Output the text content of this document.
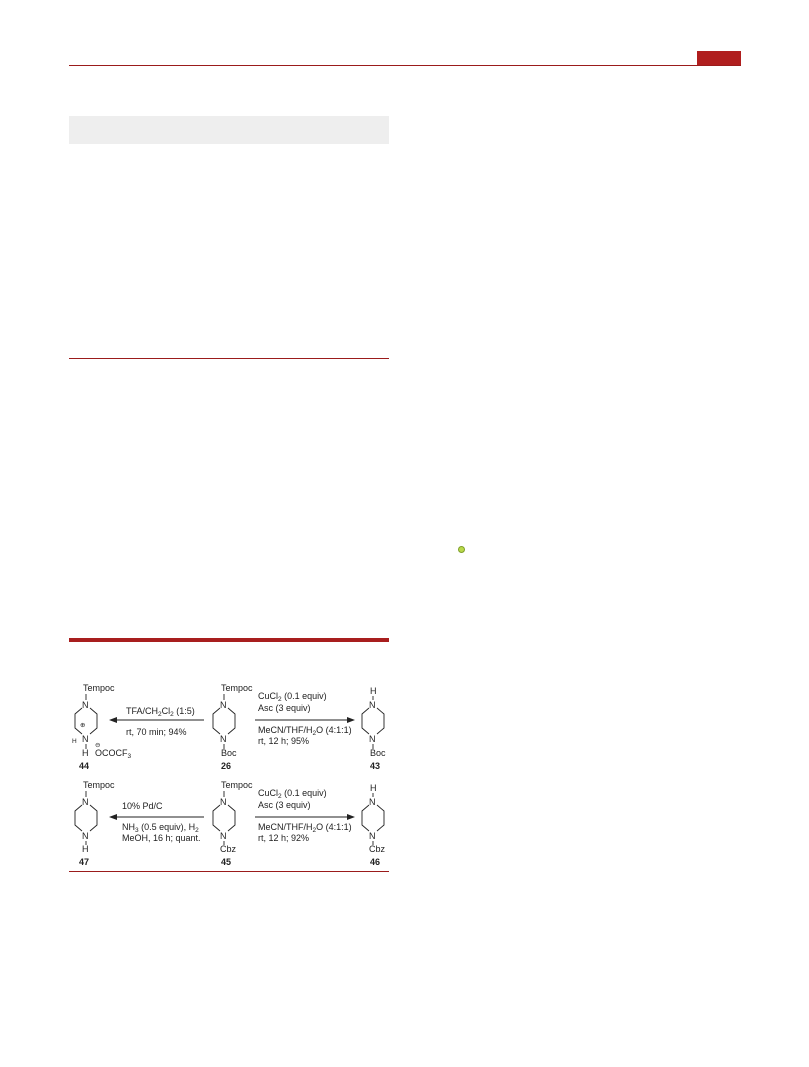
Tempoc
N
N
⊕
H
H
⊖
$OCOCF_3$
44
TFA/$CH_2Cl_2$ (1:5)
rt, 70 min; 94%
Tempoc
N
N
Boc
26
CuCl$_2$ (0.1 equiv)
Asc (3 equiv)
MeCN/$THF/H_2O$ (4:1:1)
rt, 12 h; 95%
H
N
N
Boc
43
Tempoc
N
N
H
47
10% Pd/C
$NH_3$ (0.5 equiv), $H_2$
MeOH, 16 h; quant.
Tempoc
N
N
Cbz
45
CuCl$_2$ (0.1 equiv)
Asc (3 equiv)
MeCN/$THF/H_2O$ (4:1:1)
rt, 12 h; 92%
H
N
N
Cbz
46
